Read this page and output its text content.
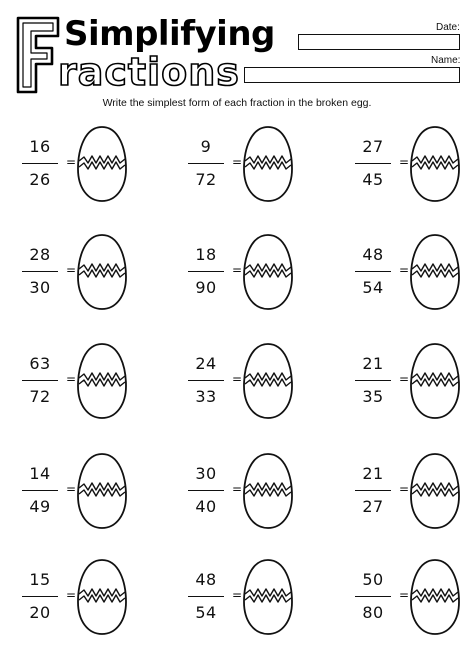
Simplifying
ractions
Date:
Name:
Write the simplest form of each fraction in the broken egg.
16
26
=
9
72
=
27
45
=
28
30
=
18
90
=
48
54
=
63
72
=
24
33
=
21
35
=
14
49
=
30
40
=
21
27
=
15
20
=
48
54
=
50
80
=
